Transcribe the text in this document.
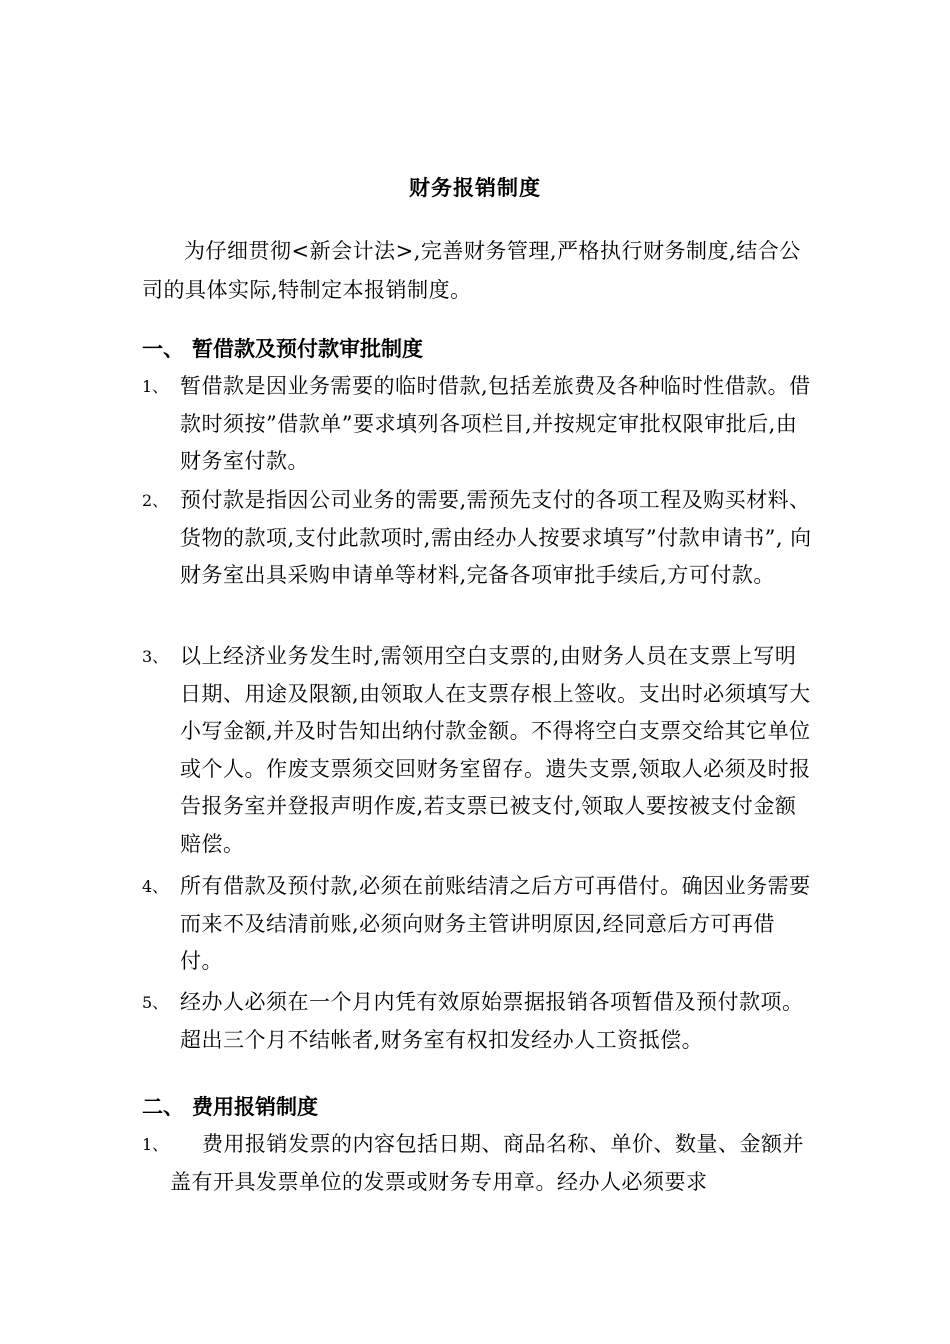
财务报销制度

为仔细贯彻<新会计法>,完善财务管理,严格执行财务制度,结合公司的具体实际,特制定本报销制度。

一、 暂借款及预付款审批制度
1、 暂借款是因业务需要的临时借款,包括差旅费及各种临时性借款。借款时须按”借款单”要求填列各项栏目,并按规定审批权限审批后,由财务室付款。
2、 预付款是指因公司业务的需要,需预先支付的各项工程及购买材料、货物的款项,支付此款项时,需由经办人按要求填写”付款申请书”, 向财务室出具采购申请单等材料,完备各项审批手续后,方可付款。
3、 以上经济业务发生时,需领用空白支票的,由财务人员在支票上写明日期、用途及限额,由领取人在支票存根上签收。支出时必须填写大小写金额,并及时告知出纳付款金额。不得将空白支票交给其它单位或个人。作废支票须交回财务室留存。遗失支票,领取人必须及时报告报务室并登报声明作废,若支票已被支付,领取人要按被支付金额赔偿。
4、 所有借款及预付款,必须在前账结清之后方可再借付。确因业务需要而来不及结清前账,必须向财务主管讲明原因,经同意后方可再借付。
5、 经办人必须在一个月内凭有效原始票据报销各项暂借及预付款项。超出三个月不结帐者,财务室有权扣发经办人工资抵偿。
二、 费用报销制度
1、	费用报销发票的内容包括日期、商品名称、单价、数量、金额并盖有开具发票单位的发票或财务专用章。经办人必须要求
